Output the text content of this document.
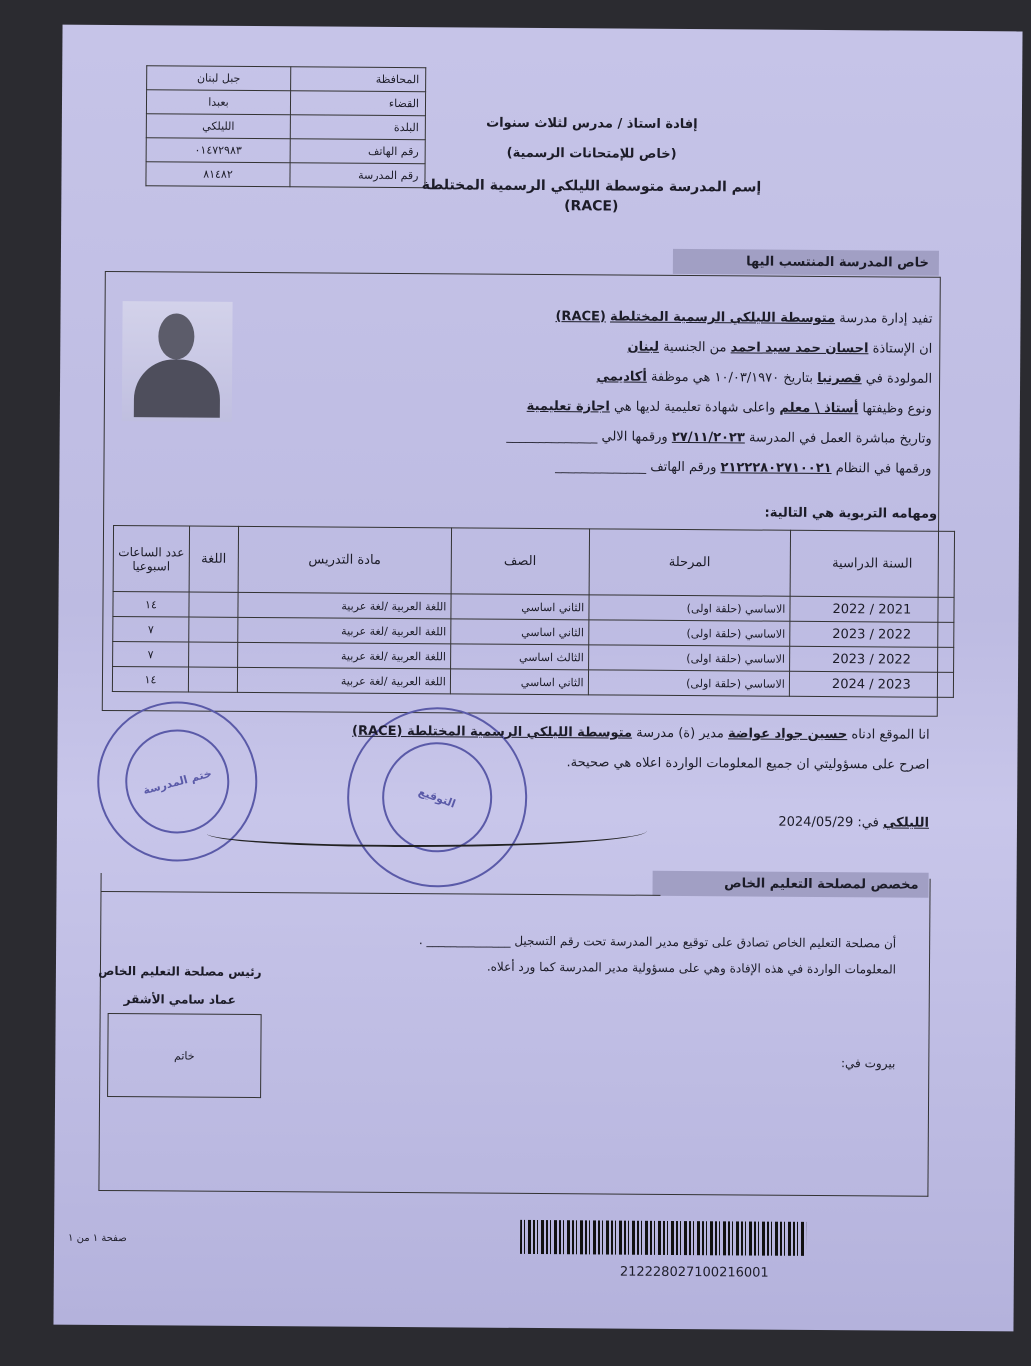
المحافظة	جبل لبنان
القضاء	بعبدا
البلدة	الليلكي
رقم الهاتف	٠١٤٧٢٩٨٣
رقم المدرسة	٨١٤٨٢
إفادة استاذ / مدرس لثلاث سنوات
(خاص للإمتحانات الرسمية)
إسم المدرسة متوسطة الليلكي الرسمية المختلطة
(RACE)
خاص المدرسة المنتسب اليها
تفيد إدارة مدرسة متوسطة الليلكي الرسمية المختلطة (RACE)
ان الإستاذة احسان حمد سيد احمد من الجنسية لبنان
المولودة في قصرنبا بتاريخ ١٠/٠٣/١٩٧٠ هي موظفة أكاديمي
ونوع وظيفتها أستاذ \ معلم واعلى شهادة تعليمية لديها هي اجازة تعليمية
وتاريخ مباشرة العمل في المدرسة ٢٧/١١/٢٠٢٣ ورقمها الالي ______________
ورقمها في النظام ٢١٢٢٢٨٠٢٧١٠٠٢١ ورقم الهاتف ______________
ومهامه التربوية هي التالية:
السنة الدراسية	المرحلة	الصف	مادة التدريس	اللغة	عدد الساعات اسبوعيا
2021 / 2022	الاساسي (حلقة اولى)	الثاني اساسي	اللغة العربية /لغة عربية		١٤
2022 / 2023	الاساسي (حلقة اولى)	الثاني اساسي	اللغة العربية /لغة عربية		٧
2022 / 2023	الاساسي (حلقة اولى)	الثالث اساسي	اللغة العربية /لغة عربية		٧
2023 / 2024	الاساسي (حلقة اولى)	الثاني اساسي	اللغة العربية /لغة عربية		١٤
ختم المدرسة
التوقيع
انا الموقع ادناه حسين جواد عواضة مدير (ة) مدرسة متوسطة الليلكي الرسمية المختلطة (RACE)
اصرح على مسؤوليتي ان جميع المعلومات الواردة اعلاه هي صحيحة.
الليلكي في: 2024/05/29
مخصص لمصلحة التعليم الخاص
أن مصلحة التعليم الخاص تصادق على توقيع مدير المدرسة تحت رقم التسجيل ______________ .
المعلومات الواردة في هذه الإفادة وهي على مسؤولية مدير المدرسة كما ورد أعلاه.
بيروت في:
رئيس مصلحة التعليم الخاص
عماد سامي الأشقر
خاتم
212228027100216001
صفحة ١ من ١
